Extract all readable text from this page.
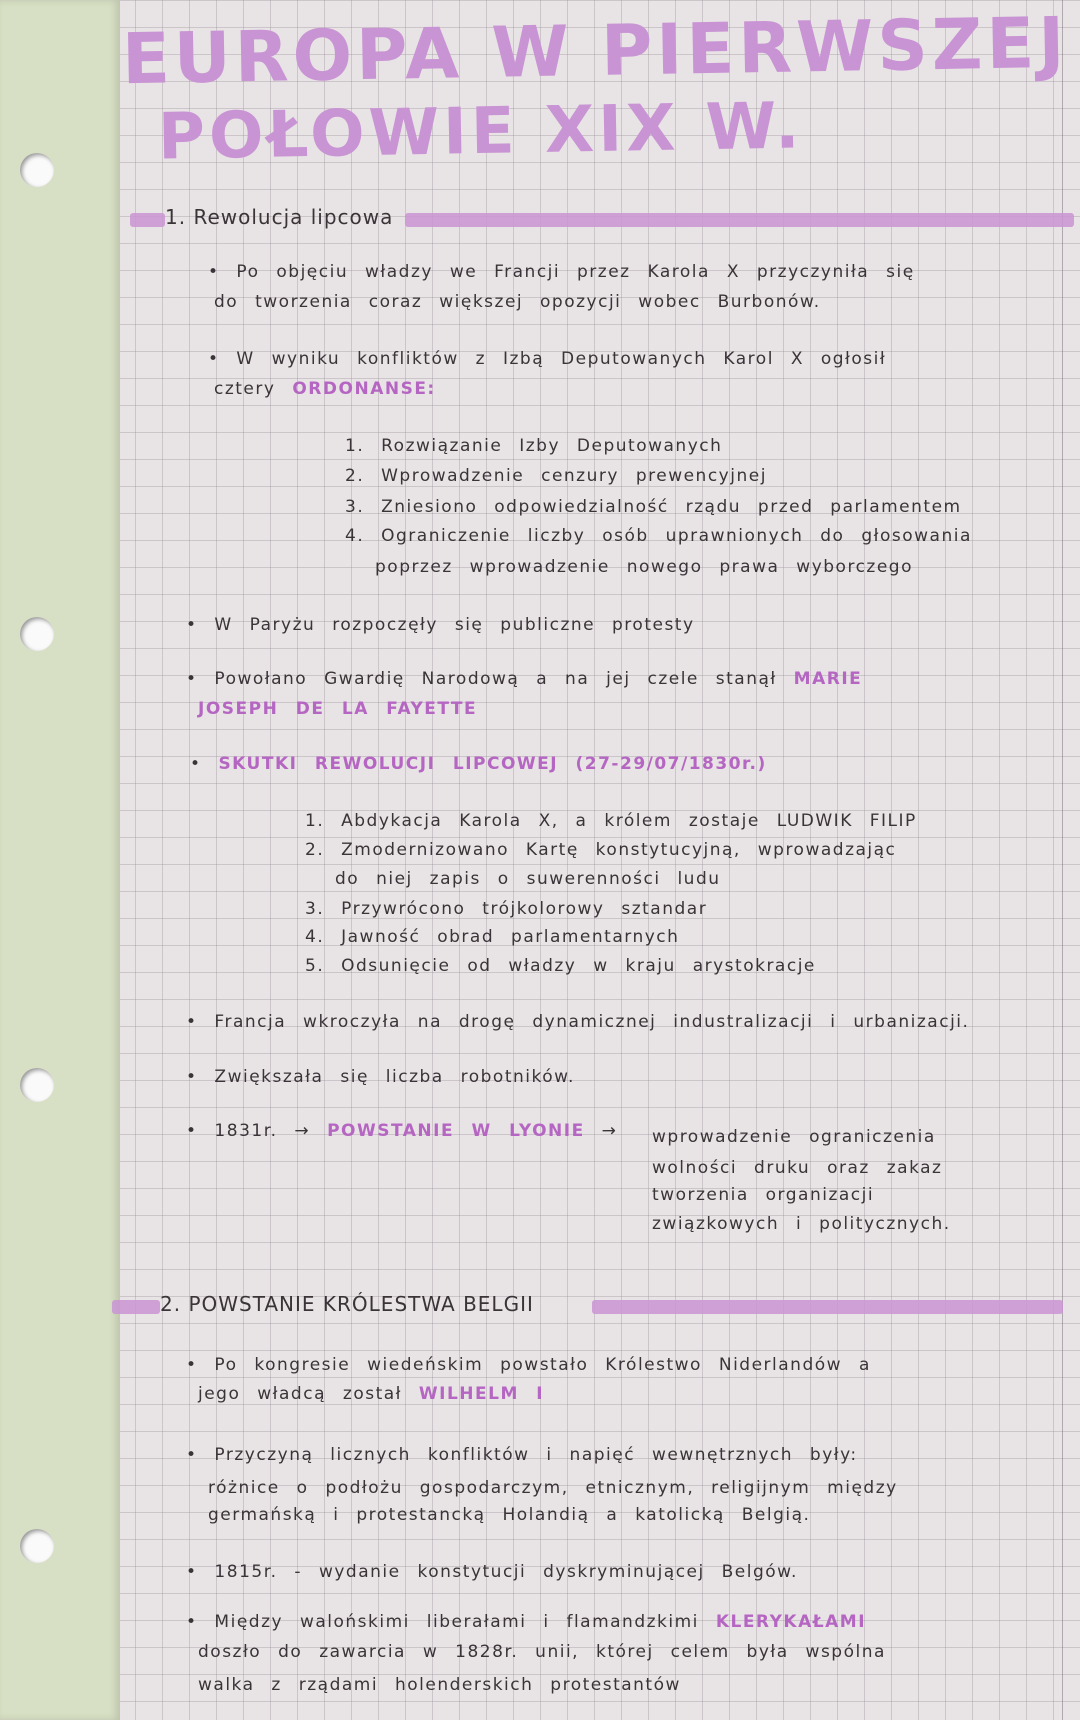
EUROPA W PIERWSZEJ
POŁOWIE XIX W.
1. Rewolucja lipcowa
2. POWSTANIE KRÓLESTWA BELGII
• Po objęciu władzy we Francji przez Karola X przyczyniła się
do tworzenia coraz większej opozycji wobec Burbonów.
• W wyniku konfliktów z Izbą Deputowanych Karol X ogłosił
cztery ORDONANSE:
1. Rozwiązanie Izby Deputowanych
2. Wprowadzenie cenzury prewencyjnej
3. Zniesiono odpowiedzialność rządu przed parlamentem
4. Ograniczenie liczby osób uprawnionych do głosowania
poprzez wprowadzenie nowego prawa wyborczego
• W Paryżu rozpoczęły się publiczne protesty
• Powołano Gwardię Narodową a na jej czele stanął MARIE
JOSEPH DE LA FAYETTE
• SKUTKI REWOLUCJI LIPCOWEJ (27-29/07/1830r.)
1. Abdykacja Karola X, a królem zostaje LUDWIK FILIP
2. Zmodernizowano Kartę konstytucyjną, wprowadzając
do niej zapis o suwerenności ludu
3. Przywrócono trójkolorowy sztandar
4. Jawność obrad parlamentarnych
5. Odsunięcie od władzy w kraju arystokracje
• Francja wkroczyła na drogę dynamicznej industralizacji i urbanizacji.
• Zwiększała się liczba robotników.
• 1831r. → POWSTANIE W LYONIE → wprowadzenie ograniczenia
wolności druku oraz zakaz
tworzenia organizacji
związkowych i politycznych.
• Po kongresie wiedeńskim powstało Królestwo Niderlandów a
jego władcą został WILHELM I
• Przyczyną licznych konfliktów i napięć wewnętrznych były:
różnice o podłożu gospodarczym, etnicznym, religijnym między
germańską i protestancką Holandią a katolicką Belgią.
• 1815r. - wydanie konstytucji dyskryminującej Belgów.
• Między walońskimi liberałami i flamandzkimi KLERYKAŁAMI
doszło do zawarcia w 1828r. unii, której celem była wspólna
walka z rządami holenderskich protestantów
